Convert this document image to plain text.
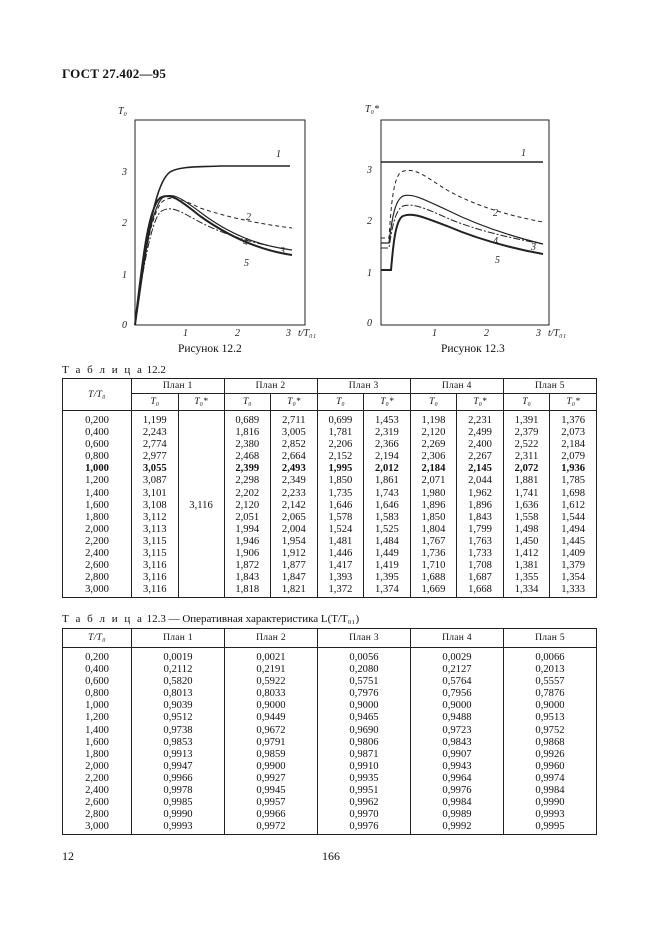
ГОСТ 27.402—95
T₀
0
1
2
3
1	2	3 t/T₀₁
1
2
4
3
5
Рисунок 12.2
T₀*
0
1
2
3
1	2	3 t/T₀₁
1
2
4
3
5
Рисунок 12.3
Т а б л и ц а 12.2
T/T₀	План 1		План 2		План 3		План 4		План 5	
	T₀	T₀*	T₀	T₀*	T₀	T₀*	T₀	T₀*	T₀	T₀*
0,200	1,199	3,116	0,689	2,711	0,699	1,453	1,198	2,231	1,391	1,376
0,400	2,243		1,816	3,005	1,781	2,319	2,120	2,499	2,379	2,073
0,600	2,774		2,380	2,852	2,206	2,366	2,269	2,400	2,522	2,184
0,800	2,977		2,468	2,664	2,152	2,194	2,306	2,267	2,311	2,079
1,000	3,055		2,399	2,493	1,995	2,012	2,184	2,145	2,072	1,936
1,200	3,087		2,298	2,349	1,850	1,861	2,071	2,044	1,881	1,785
1,400	3,101		2,202	2,233	1,735	1,743	1,980	1,962	1,741	1,698
1,600	3,108		2,120	2,142	1,646	1,646	1,896	1,896	1,636	1,612
1,800	3,112		2,051	2,065	1,578	1,583	1,850	1,843	1,558	1,544
2,000	3,113		1,994	2,004	1,524	1,525	1,804	1,799	1,498	1,494
2,200	3,115		1,946	1,954	1,481	1,484	1,767	1,763	1,450	1,445
2,400	3,115		1,906	1,912	1,446	1,449	1,736	1,733	1,412	1,409
2,600	3,116		1,872	1,877	1,417	1,419	1,710	1,708	1,381	1,379
2,800	3,116		1,843	1,847	1,393	1,395	1,688	1,687	1,355	1,354
3,000	3,116		1,818	1,821	1,372	1,374	1,669	1,668	1,334	1,333
Т а б л и ц а 12.3 — Оперативная характеристика L(T/T₀₁)
T/T₀	План 1	План 2	План 3	План 4	План 5
0,200	0,0019	0,0021	0,0056	0,0029	0,0066
0,400	0,2112	0,2191	0,2080	0,2127	0,2013
0,600	0,5820	0,5922	0,5751	0,5764	0,5557
0,800	0,8013	0,8033	0,7976	0,7956	0,7876
1,000	0,9039	0,9000	0,9000	0,9000	0,9000
1,200	0,9512	0,9449	0,9465	0,9488	0,9513
1,400	0,9738	0,9672	0,9690	0,9723	0,9752
1,600	0,9853	0,9791	0,9806	0,9843	0,9868
1,800	0,9913	0,9859	0,9871	0,9907	0,9926
2,000	0,9947	0,9900	0,9910	0,9943	0,9960
2,200	0,9966	0,9927	0,9935	0,9964	0,9974
2,400	0,9978	0,9945	0,9951	0,9976	0,9984
2,600	0,9985	0,9957	0,9962	0,9984	0,9990
2,800	0,9990	0,9966	0,9970	0,9989	0,9993
3,000	0,9993	0,9972	0,9976	0,9992	0,9995
12	166
